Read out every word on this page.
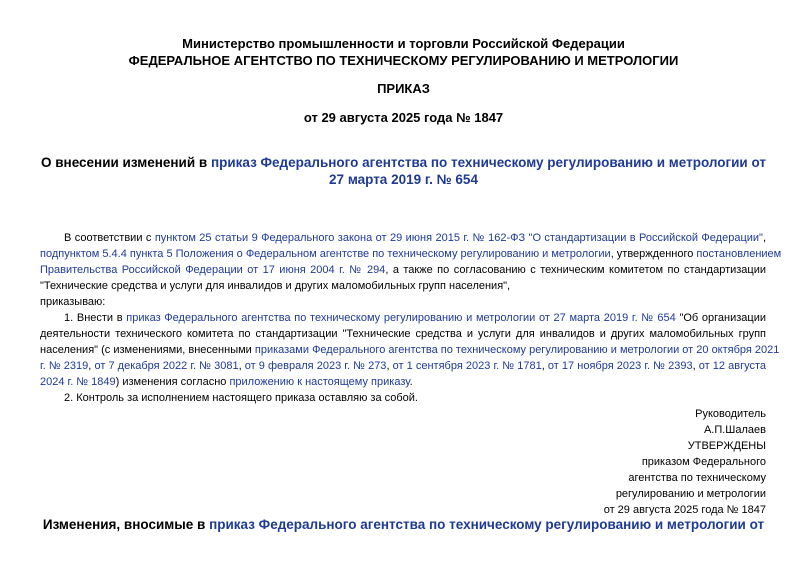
Министерство промышленности и торговли Российской Федерации
ФЕДЕРАЛЬНОЕ АГЕНТСТВО ПО ТЕХНИЧЕСКОМУ РЕГУЛИРОВАНИЮ И МЕТРОЛОГИИ
ПРИКАЗ
от 29 августа 2025 года № 1847
О внесении изменений в приказ Федерального агентства по техническому регулированию и метрологии от
27 марта 2019 г. № 654
В соответствии с пунктом 25 статьи 9 Федерального закона от 29 июня 2015 г. № 162-ФЗ "О стандартизации в Российской Федерации",
подпунктом 5.4.4 пункта 5 Положения о Федеральном агентстве по техническому регулированию и метрологии, утвержденного постановлением
Правительства Российской Федерации от 17 июня 2004 г. № 294, а также по согласованию с техническим комитетом по стандартизации
"Технические средства и услуги для инвалидов и других маломобильных групп населения",
приказываю:
1. Внести в приказ Федерального агентства по техническому регулированию и метрологии от 27 марта 2019 г. № 654 "Об организации
деятельности технического комитета по стандартизации "Технические средства и услуги для инвалидов и других маломобильных групп
населения" (с изменениями, внесенными приказами Федерального агентства по техническому регулированию и метрологии от 20 октября 2021
г. № 2319, от 7 декабря 2022 г. № 3081, от 9 февраля 2023 г. № 273, от 1 сентября 2023 г. № 1781, от 17 ноября 2023 г. № 2393, от 12 августа
2024 г. № 1849) изменения согласно приложению к настоящему приказу.
2. Контроль за исполнением настоящего приказа оставляю за собой.
Руководитель
А.П.Шалаев
УТВЕРЖДЕНЫ
приказом Федерального
агентства по техническому
регулированию и метрологии
от 29 августа 2025 года № 1847
Изменения, вносимые в приказ Федерального агентства по техническому регулированию и метрологии от
